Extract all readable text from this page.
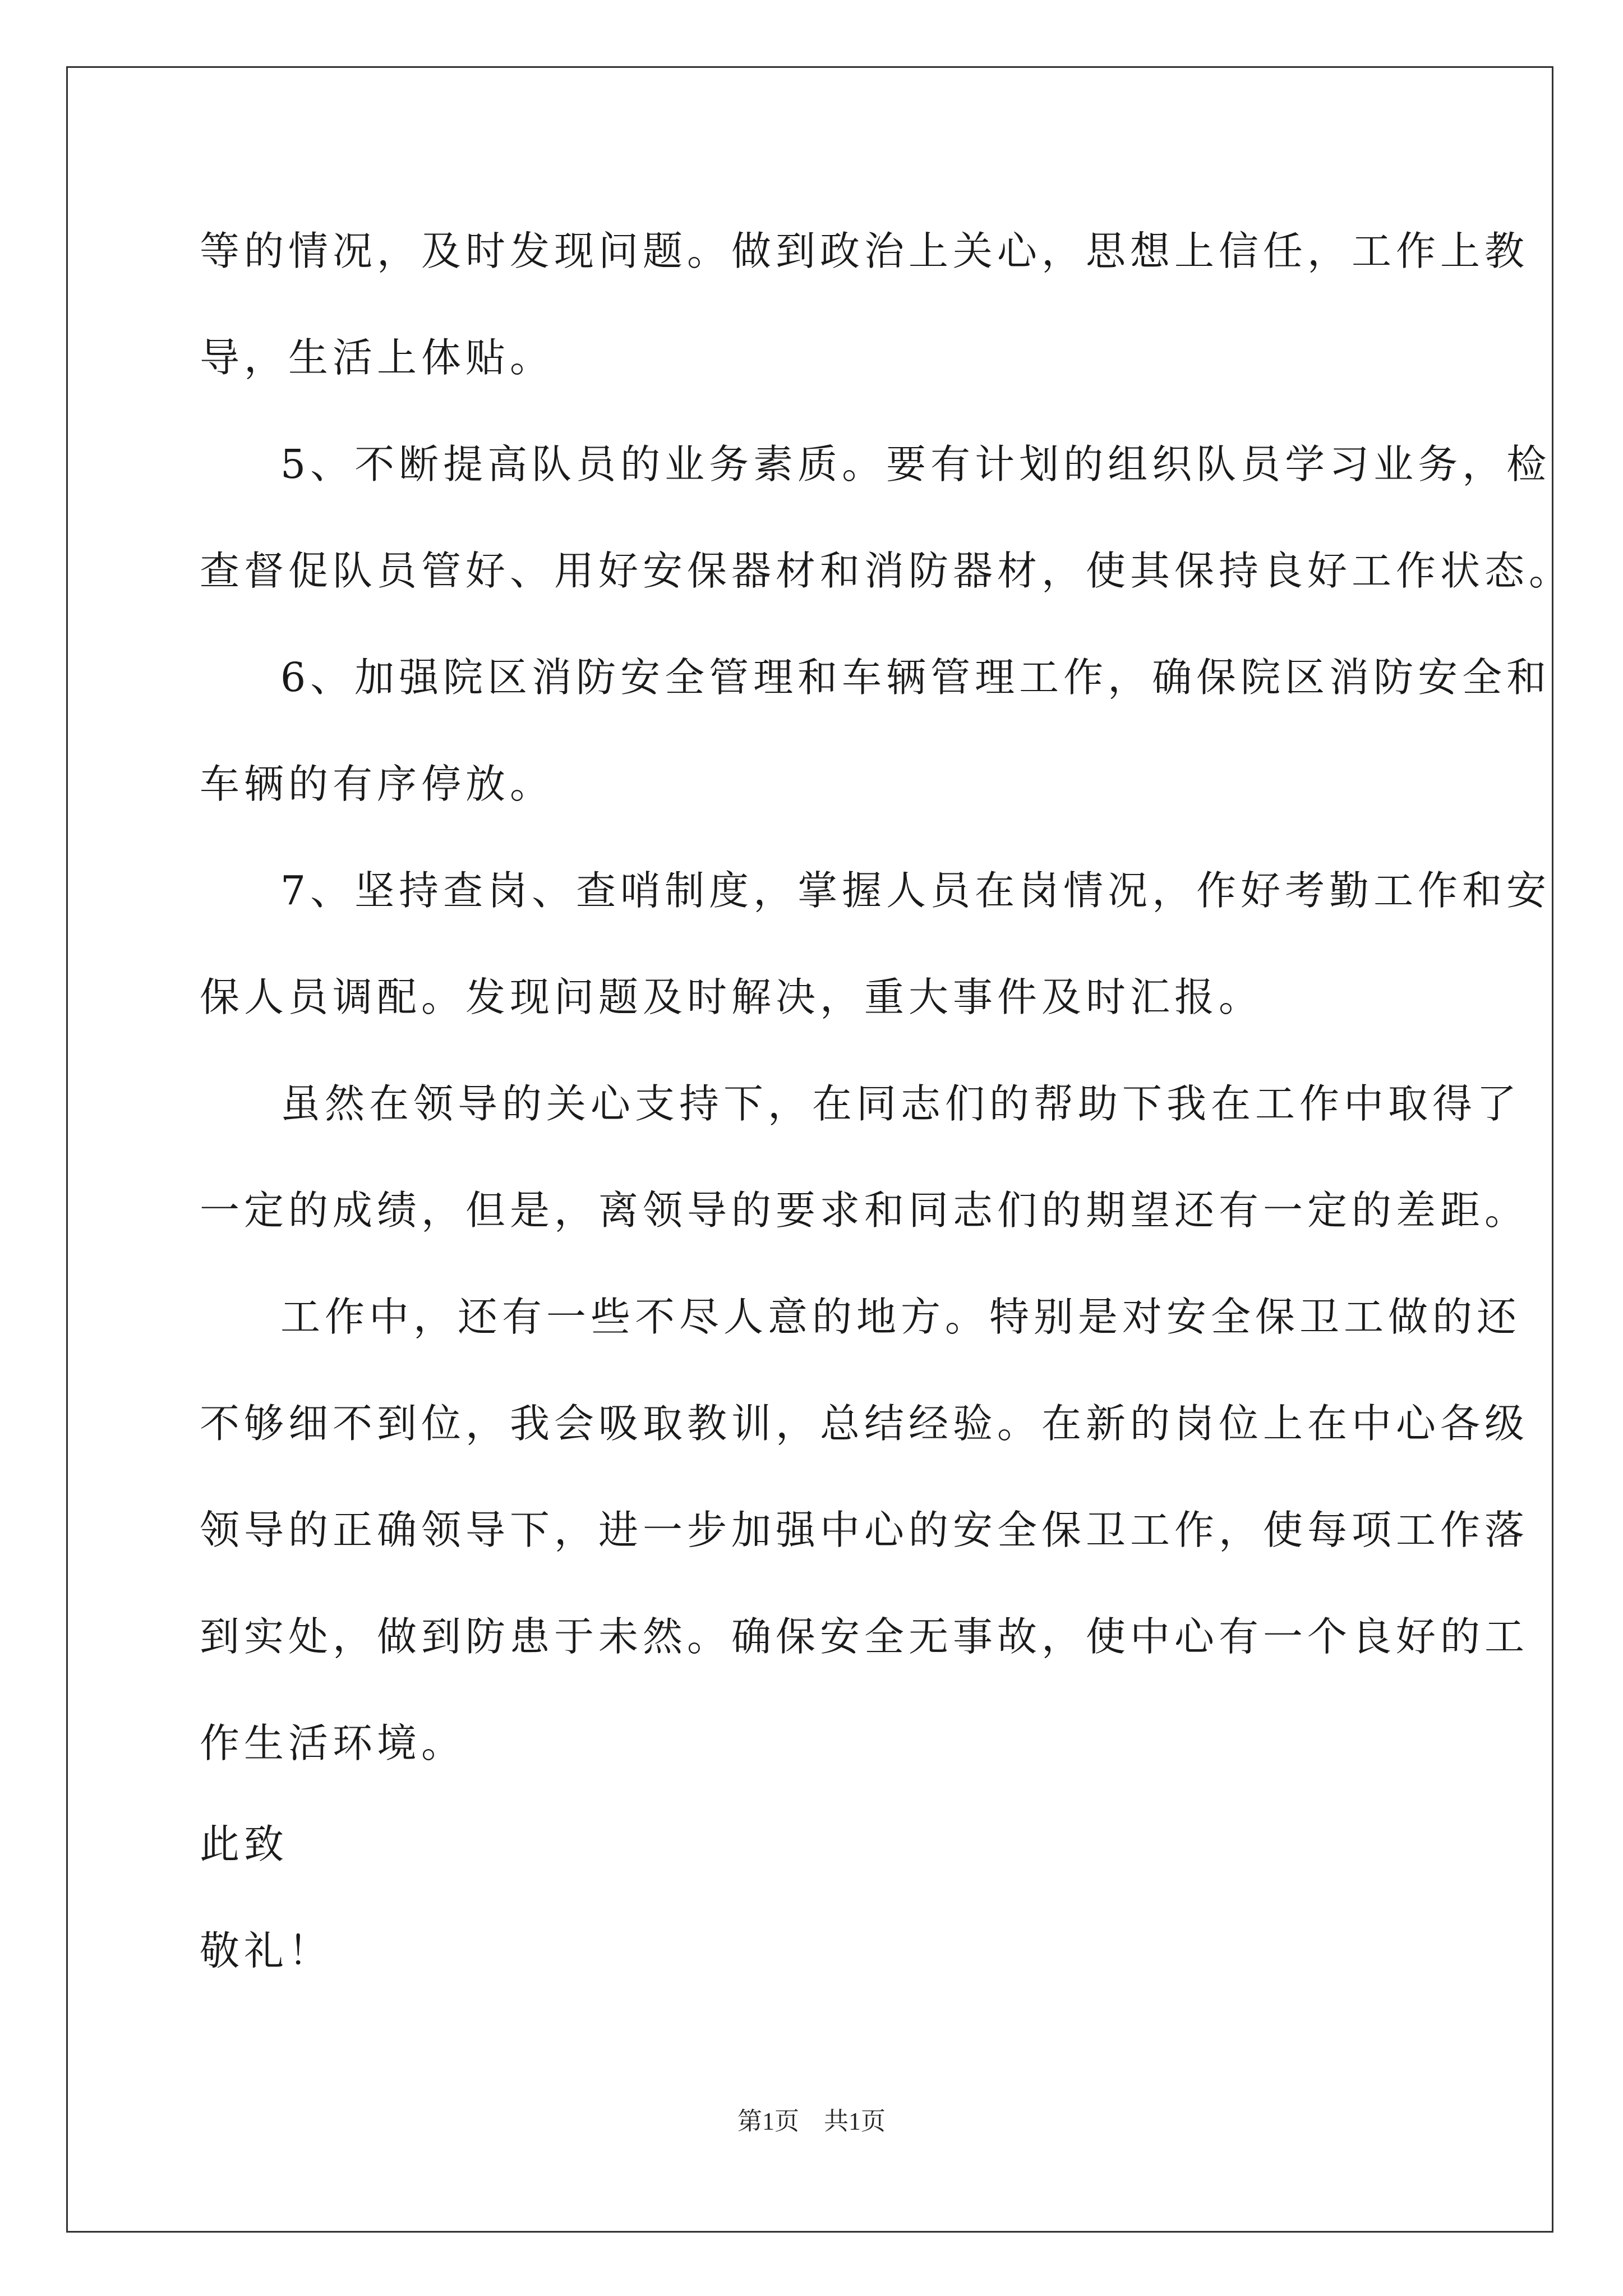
等的情况，及时发现问题。做到政治上关心，思想上信任，工作上教
导，生活上体贴。
5、不断提高队员的业务素质。要有计划的组织队员学习业务，检
查督促队员管好、用好安保器材和消防器材，使其保持良好工作状态。
6、加强院区消防安全管理和车辆管理工作，确保院区消防安全和
车辆的有序停放。
7、坚持查岗、查哨制度，掌握人员在岗情况，作好考勤工作和安
保人员调配。发现问题及时解决，重大事件及时汇报。
虽然在领导的关心支持下，在同志们的帮助下我在工作中取得了
一定的成绩，但是，离领导的要求和同志们的期望还有一定的差距。
工作中，还有一些不尽人意的地方。特别是对安全保卫工做的还
不够细不到位，我会吸取教训，总结经验。在新的岗位上在中心各级
领导的正确领导下，进一步加强中心的安全保卫工作，使每项工作落
到实处，做到防患于未然。确保安全无事故，使中心有一个良好的工
作生活环境。
此致
敬礼！
第1页 共1页
